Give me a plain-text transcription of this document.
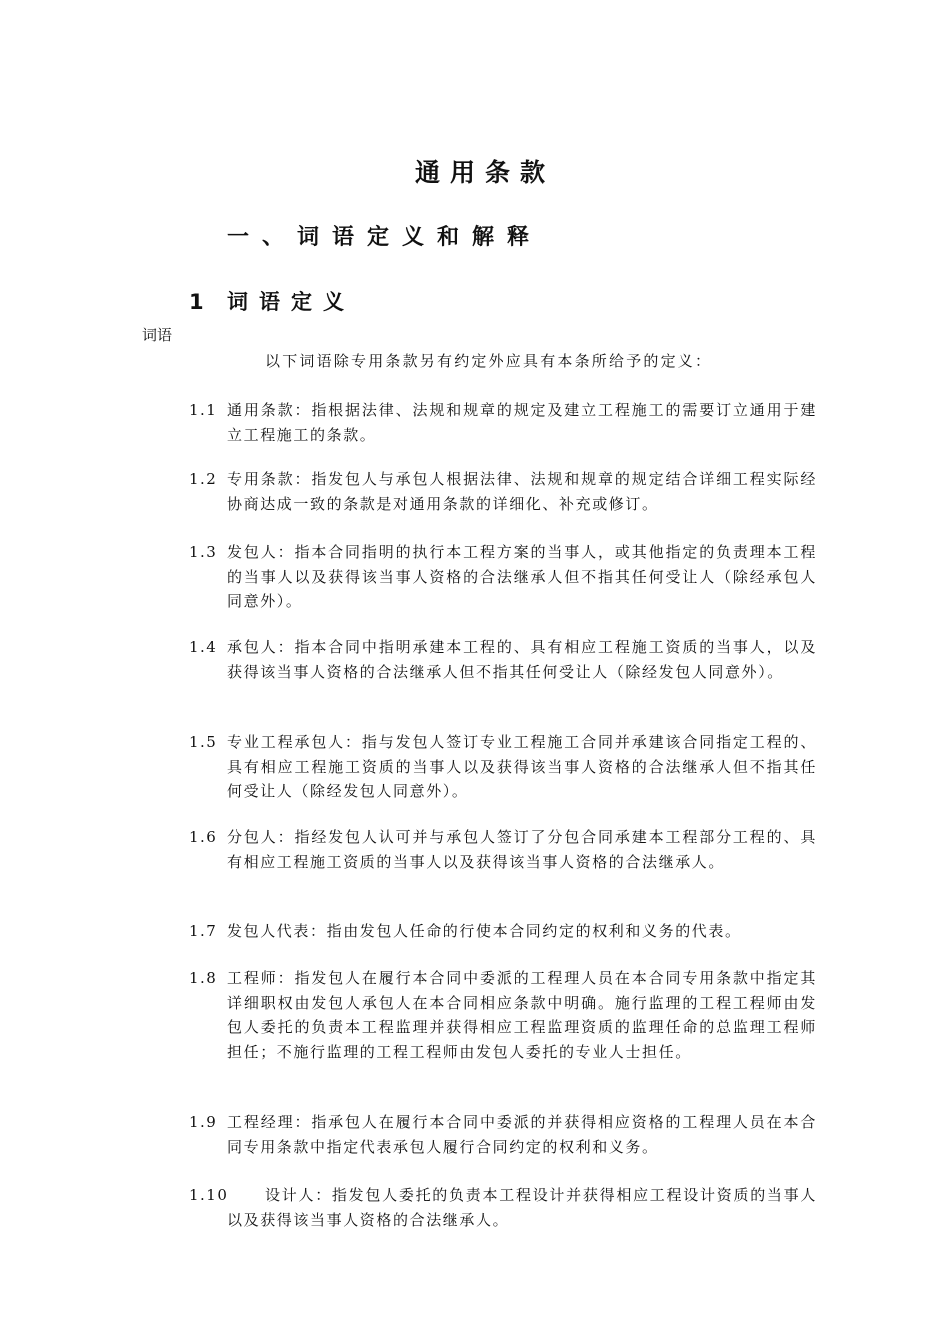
通用条款
一、词语定义和解释
1 词语定义
词语
以下词语除专用条款另有约定外应具有本条所给予的定义：
1.1 通用条款：指根据法律、法规和规章的规定及建立工程施工的需要订立通用于建立工程施工的条款。
1.2 专用条款：指发包人与承包人根据法律、法规和规章的规定结合详细工程实际经协商达成一致的条款是对通用条款的详细化、补充或修订。
1.3 发包人：指本合同指明的执行本工程方案的当事人，或其他指定的负责理本工程的当事人以及获得该当事人资格的合法继承人但不指其任何受让人（除经承包人同意外）。
1.4 承包人：指本合同中指明承建本工程的、具有相应工程施工资质的当事人，以及获得该当事人资格的合法继承人但不指其任何受让人（除经发包人同意外）。
1.5 专业工程承包人：指与发包人签订专业工程施工合同并承建该合同指定工程的、具有相应工程施工资质的当事人以及获得该当事人资格的合法继承人但不指其任何受让人（除经发包人同意外）。
1.6 分包人：指经发包人认可并与承包人签订了分包合同承建本工程部分工程的、具有相应工程施工资质的当事人以及获得该当事人资格的合法继承人。
1.7 发包人代表：指由发包人任命的行使本合同约定的权利和义务的代表。
1.8 工程师：指发包人在履行本合同中委派的工程理人员在本合同专用条款中指定其详细职权由发包人承包人在本合同相应条款中明确。施行监理的工程工程师由发包人委托的负责本工程监理并获得相应工程监理资质的监理任命的总监理工程师担任；不施行监理的工程工程师由发包人委托的专业人士担任。
1.9 工程经理：指承包人在履行本合同中委派的并获得相应资格的工程理人员在本合同专用条款中指定代表承包人履行合同约定的权利和义务。
1.10	设计人：指发包人委托的负责本工程设计并获得相应工程设计资质的当事人以及获得该当事人资格的合法继承人。
